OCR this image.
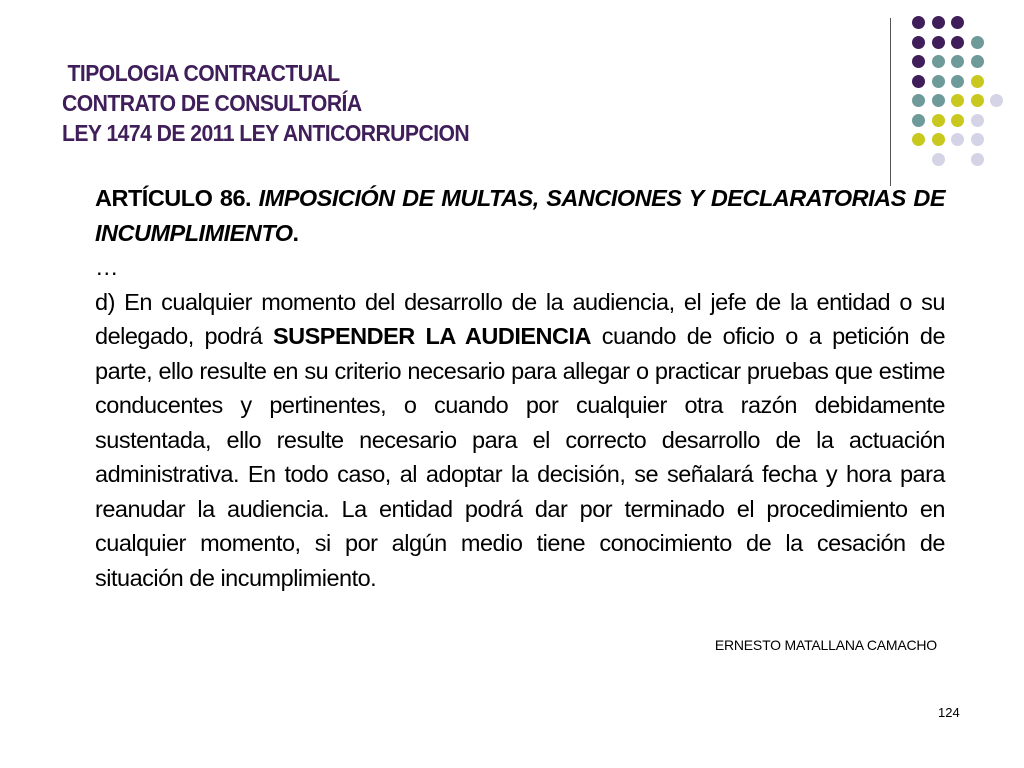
TIPOLOGIA CONTRACTUAL
CONTRATO DE CONSULTORÍA
LEY 1474 DE 2011 LEY ANTICORRUPCION

ARTÍCULO 86. IMPOSICIÓN DE MULTAS, SANCIONES Y DECLARATORIAS DE INCUMPLIMIENTO.

…

d) En cualquier momento del desarrollo de la audiencia, el jefe de la entidad o su delegado, podrá SUSPENDER LA AUDIENCIA cuando de oficio o a petición de parte, ello resulte en su criterio necesario para allegar o practicar pruebas que estime conducentes y pertinentes, o cuando por cualquier otra razón debidamente sustentada, ello resulte necesario para el correcto desarrollo de la actuación administrativa. En todo caso, al adoptar la decisión, se señalará fecha y hora para reanudar la audiencia. La entidad podrá dar por terminado el procedimiento en cualquier momento, si por algún medio tiene conocimiento de la cesación de situación de incumplimiento.

ERNESTO MATALLANA CAMACHO
124
